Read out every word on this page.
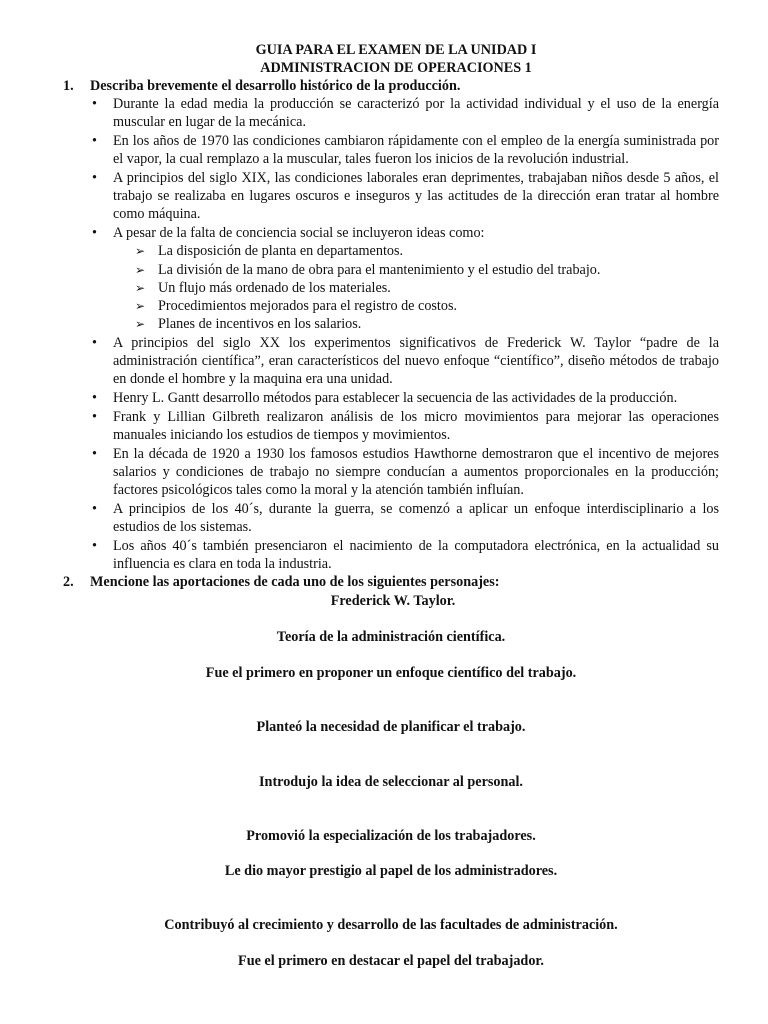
GUIA PARA EL EXAMEN DE LA UNIDAD I

ADMINISTRACION DE OPERACIONES 1

1.	Describa brevemente el desarrollo histórico de la producción.
• Durante la edad media la producción se caracterizó por la actividad individual y el uso de la energía muscular en lugar de la mecánica.
• En los años de 1970 las condiciones cambiaron rápidamente con el empleo de la energía suministrada por el vapor, la cual remplazo a la muscular, tales fueron los inicios de la revolución industrial.
• A principios del siglo XIX, las condiciones laborales eran deprimentes, trabajaban niños desde 5 años, el trabajo se realizaba en lugares oscuros e inseguros y las actitudes de la dirección eran tratar al hombre como máquina.
• A pesar de la falta de conciencia social se incluyeron ideas como:
➢ La disposición de planta en departamentos.
➢ La división de la mano de obra para el mantenimiento y el estudio del trabajo.
➢ Un flujo más ordenado de los materiales.
➢ Procedimientos mejorados para el registro de costos.
➢ Planes de incentivos en los salarios.
• A principios del siglo XX los experimentos significativos de Frederick W. Taylor “padre de la administración científica”, eran característicos del nuevo enfoque “científico”, diseño métodos de trabajo en donde el hombre y la maquina era una unidad.
• Henry L. Gantt desarrollo métodos para establecer la secuencia de las actividades de la producción.
• Frank y Lillian Gilbreth realizaron análisis de los micro movimientos para mejorar las operaciones manuales iniciando los estudios de tiempos y movimientos.
• En la década de 1920 a 1930 los famosos estudios Hawthorne demostraron que el incentivo de mejores salarios y condiciones de trabajo no siempre conducían a aumentos proporcionales en la producción; factores psicológicos tales como la moral y la atención también influían.
• A principios de los 40´s, durante la guerra, se comenzó a aplicar un enfoque interdisciplinario a los estudios de los sistemas.
• Los años 40´s también presenciaron el nacimiento de la computadora electrónica, en la actualidad su influencia es clara en toda la industria.
2.	Mencione las aportaciones de cada uno de los siguientes personajes:

Frederick W. Taylor.

Teoría de la administración científica.

Fue el primero en proponer un enfoque científico del trabajo.

Planteó la necesidad de planificar el trabajo.

Introdujo la idea de seleccionar al personal.

Promovió la especialización de los trabajadores.

Le dio mayor prestigio al papel de los administradores.

Contribuyó al crecimiento y desarrollo de las facultades de administración.

Fue el primero en destacar el papel del trabajador.
